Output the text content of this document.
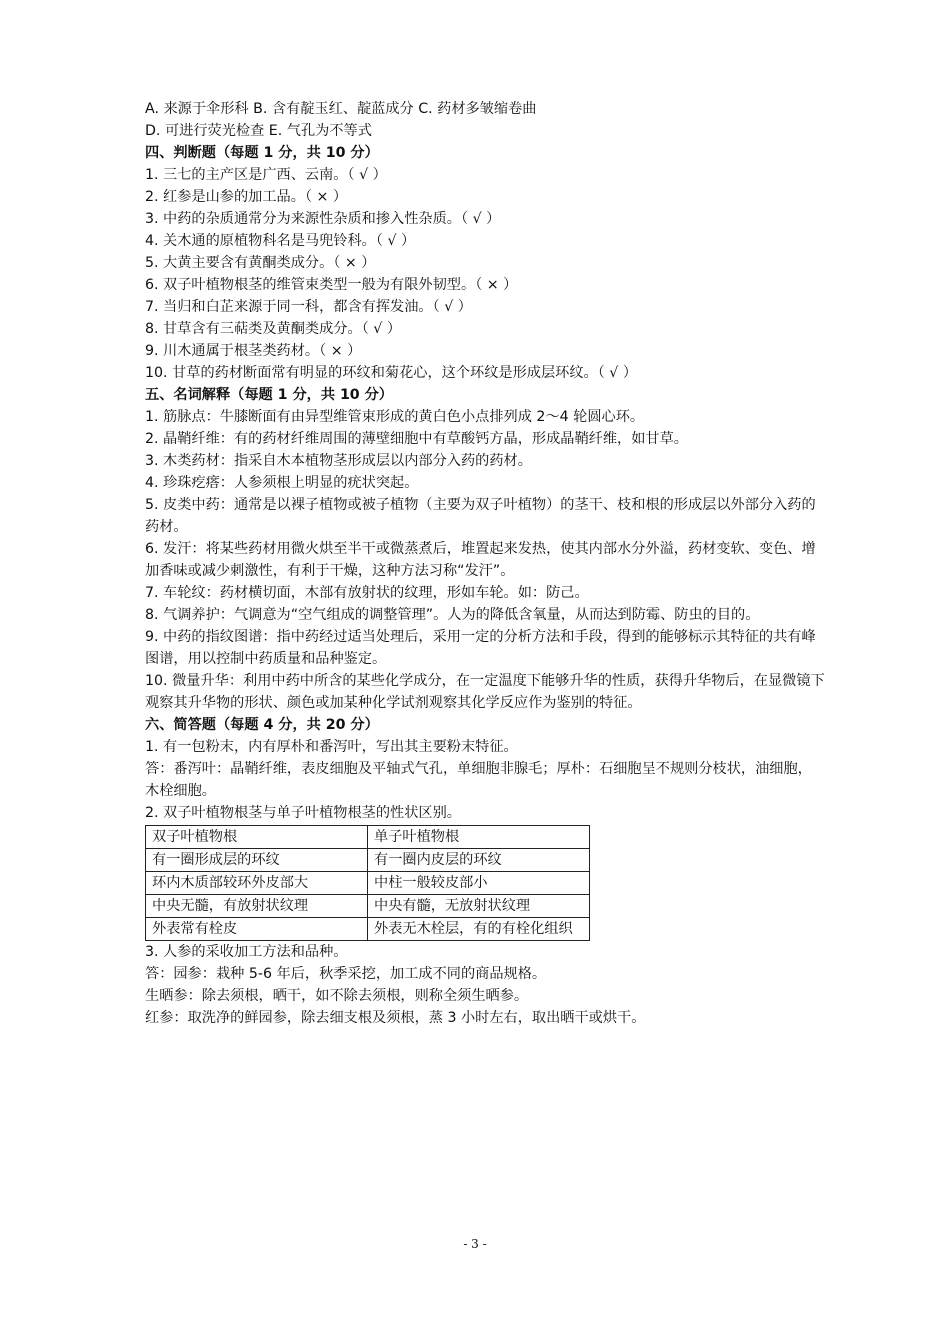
A. 来源于伞形科 B. 含有靛玉红、靛蓝成分 C. 药材多皱缩卷曲

D. 可进行荧光检查 E. 气孔为不等式

四、判断题（每题 1 分，共 10 分）

1. 三七的主产区是广西、云南。（ √ ）

2. 红参是山参的加工品。（ × ）

3. 中药的杂质通常分为来源性杂质和掺入性杂质。（ √ ）

4. 关木通的原植物科名是马兜铃科。（ √ ）

5. 大黄主要含有黄酮类成分。（ × ）

6. 双子叶植物根茎的维管束类型一般为有限外韧型。（ × ）

7. 当归和白芷来源于同一科，都含有挥发油。（ √ ）

8. 甘草含有三萜类及黄酮类成分。（ √ ）

9. 川木通属于根茎类药材。（ × ）

10. 甘草的药材断面常有明显的环纹和菊花心，这个环纹是形成层环纹。（ √ ）

五、名词解释（每题 1 分，共 10 分）

1. 筋脉点：牛膝断面有由异型维管束形成的黄白色小点排列成 2～4 轮圆心环。

2. 晶鞘纤维：有的药材纤维周围的薄壁细胞中有草酸钙方晶，形成晶鞘纤维，如甘草。

3. 木类药材：指采自木本植物茎形成层以内部分入药的药材。

4. 珍珠疙瘩：人参须根上明显的疣状突起。

5. 皮类中药：通常是以裸子植物或被子植物（主要为双子叶植物）的茎干、枝和根的形成层以外部分入药的药材。

6. 发汗：将某些药材用微火烘至半干或微蒸煮后，堆置起来发热，使其内部水分外溢，药材变软、变色、增加香味或减少刺激性，有利于干燥，这种方法习称“发汗”。

7. 车轮纹：药材横切面，木部有放射状的纹理，形如车轮。如：防己。

8. 气调养护：气调意为“空气组成的调整管理”。人为的降低含氧量，从而达到防霉、防虫的目的。

9. 中药的指纹图谱：指中药经过适当处理后，采用一定的分析方法和手段，得到的能够标示其特征的共有峰图谱，用以控制中药质量和品种鉴定。

10. 微量升华：利用中药中所含的某些化学成分，在一定温度下能够升华的性质，获得升华物后，在显微镜下观察其升华物的形状、颜色或加某种化学试剂观察其化学反应作为鉴别的特征。

六、简答题（每题 4 分，共 20 分）

1. 有一包粉末，内有厚朴和番泻叶，写出其主要粉末特征。

答：番泻叶：晶鞘纤维，表皮细胞及平轴式气孔，单细胞非腺毛；厚朴：石细胞呈不规则分枝状，油细胞，木栓细胞。

2. 双子叶植物根茎与单子叶植物根茎的性状区别。

双子叶植物根	单子叶植物根
有一圈形成层的环纹	有一圈内皮层的环纹
环内木质部较环外皮部大	中柱一般较皮部小
中央无髓，有放射状纹理	中央有髓，无放射状纹理
外表常有栓皮	外表无木栓层，有的有栓化组织

3. 人参的采收加工方法和品种。

答：园参：栽种 5-6 年后，秋季采挖，加工成不同的商品规格。

生晒参：除去须根，晒干，如不除去须根，则称全须生晒参。

红参：取洗净的鲜园参，除去细支根及须根，蒸 3 小时左右，取出晒干或烘干。

- 3 -
